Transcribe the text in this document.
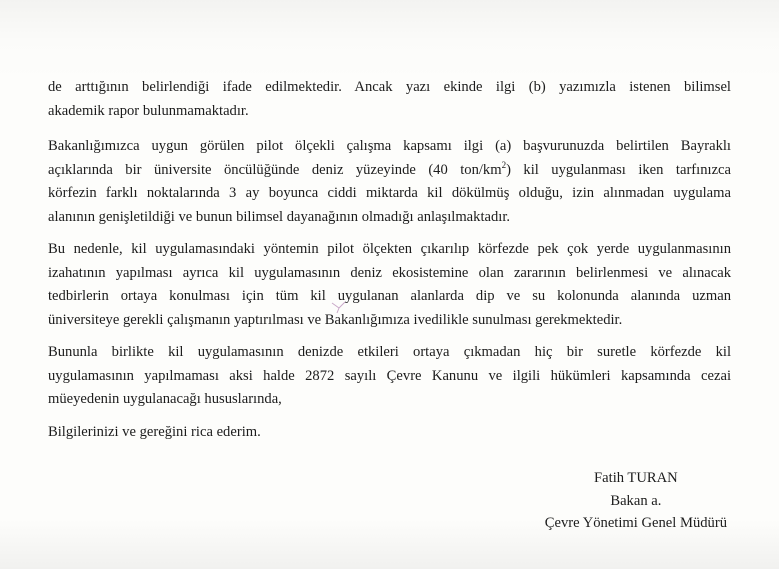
de arttığının belirlendiği ifade edilmektedir. Ancak yazı ekinde ilgi (b) yazımızla istenen bilimsel
akademik rapor bulunmamaktadır.

Bakanlığımızca uygun görülen pilot ölçekli çalışma kapsamı ilgi (a) başvurunuzda belirtilen Bayraklı
açıklarında bir üniversite öncülüğünde deniz yüzeyinde (40 ton/$km^2$) kil uygulanması iken tarfınızca
körfezin farklı noktalarında 3 ay boyunca ciddi miktarda kil dökülmüş olduğu, izin alınmadan uygulama
alanının genişletildiği ve bunun bilimsel dayanağının olmadığı anlaşılmaktadır.

Bu nedenle, kil uygulamasındaki yöntemin pilot ölçekten çıkarılıp körfezde pek çok yerde uygulanmasının
izahatının yapılması ayrıca kil uygulamasının deniz ekosistemine olan zararının belirlenmesi ve alınacak
tedbirlerin ortaya konulması için tüm kil uygulanan alanlarda dip ve su kolonunda alanında uzman
üniversiteye gerekli çalışmanın yaptırılması ve Bakanlığımıza ivedilikle sunulması gerekmektedir.

Bununla birlikte kil uygulamasının denizde etkileri ortaya çıkmadan hiç bir suretle körfezde kil
uygulamasının yapılmaması aksi halde 2872 sayılı Çevre Kanunu ve ilgili hükümleri kapsamında cezai
müeyedenin uygulanacağı hususlarında,

Bilgilerinizi ve gereğini rica ederim.

Fatih TURAN
Bakan a.
Çevre Yönetimi Genel Müdürü
